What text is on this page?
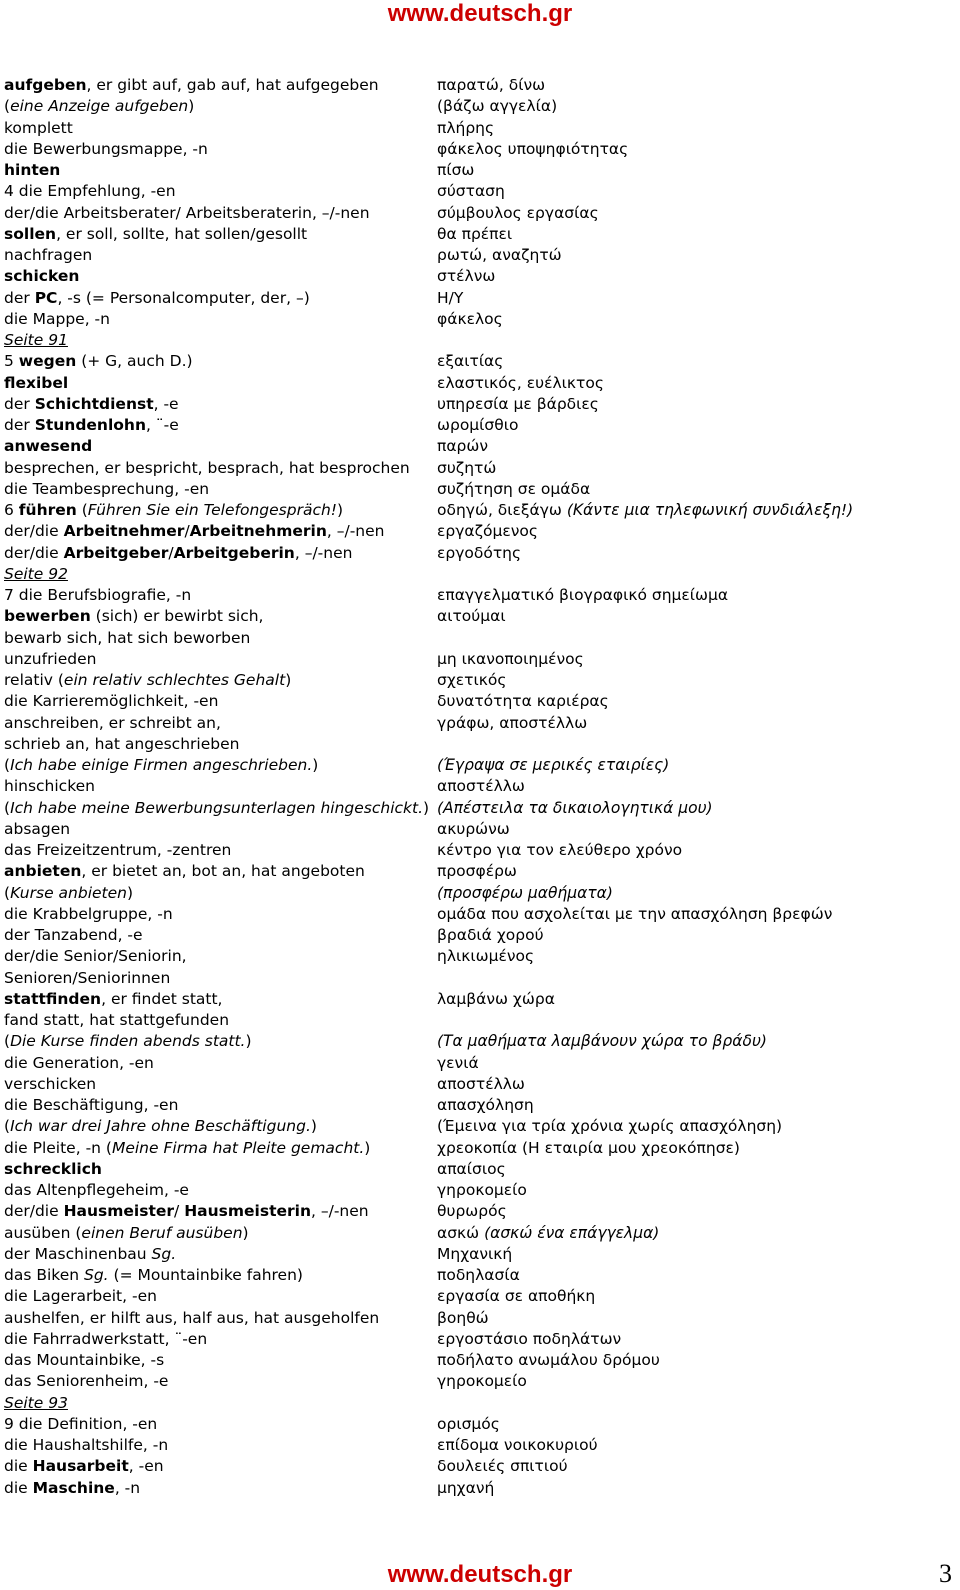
www.deutsch.gr
aufgeben, er gibt auf, gab auf, hat aufgegeben	παρατώ, δίνω
(eine Anzeige aufgeben)	(βάζω αγγελία)
komplett	πλήρης
die Bewerbungsmappe, -n	φάκελος υποψηφιότητας
hinten	πίσω
4 die Empfehlung, -en	σύσταση
der/die Arbeitsberater/ Arbeitsberaterin, –/-nen	σύμβουλος εργασίας
sollen, er soll, sollte, hat sollen/gesollt	θα πρέπει
nachfragen	ρωτώ, αναζητώ
schicken	στέλνω
der PC, -s (= Personalcomputer, der, –)	Η/Υ
die Mappe, -n	φάκελος
Seite 91
5 wegen (+ G, auch D.)	εξαιτίας
flexibel	ελαστικός, ευέλικτος
der Schichtdienst, -e	υπηρεσία με βάρδιες
der Stundenlohn, ¨-e	ωρομίσθιο
anwesend	παρών
besprechen, er bespricht, besprach, hat besprochen	συζητώ
die Teambesprechung, -en	συζήτηση σε ομάδα
6 führen (Führen Sie ein Telefongespräch!)	οδηγώ, διεξάγω (Κάντε μια τηλεφωνική συνδιάλεξη!)
der/die Arbeitnehmer/Arbeitnehmerin, –/-nen	εργαζόμενος
der/die Arbeitgeber/Arbeitgeberin, –/-nen	εργοδότης
Seite 92
7 die Berufsbiografie, -n	επαγγελματικό βιογραφικό σημείωμα
bewerben (sich) er bewirbt sich,	αιτούμαι
bewarb sich, hat sich beworben
unzufrieden	μη ικανοποιημένος
relativ (ein relativ schlechtes Gehalt)	σχετικός
die Karrieremöglichkeit, -en	δυνατότητα καριέρας
anschreiben, er schreibt an,	γράφω, αποστέλλω
schrieb an, hat angeschrieben
(Ich habe einige Firmen angeschrieben.)	(Έγραψα σε μερικές εταιρίες)
hinschicken	αποστέλλω
(Ich habe meine Bewerbungsunterlagen hingeschickt.) (Απέστειλα τα δικαιολογητικά μου)
absagen	ακυρώνω
das Freizeitzentrum, -zentren	κέντρο για τον ελεύθερο χρόνο
anbieten, er bietet an, bot an, hat angeboten	προσφέρω
(Kurse anbieten)	(προσφέρω μαθήματα)
die Krabbelgruppe, -n	ομάδα που ασχολείται με την απασχόληση βρεφών
der Tanzabend, -e	βραδιά χορού
der/die Senior/Seniorin,	ηλικιωμένος
Senioren/Seniorinnen
stattfinden, er findet statt,	λαμβάνω χώρα
fand statt, hat stattgefunden
(Die Kurse finden abends statt.)	(Τα μαθήματα λαμβάνουν χώρα το βράδυ)
die Generation, -en	γενιά
verschicken	αποστέλλω
die Beschäftigung, -en	απασχόληση
(Ich war drei Jahre ohne Beschäftigung.)	(Έμεινα για τρία χρόνια χωρίς απασχόληση)
die Pleite, -n (Meine Firma hat Pleite gemacht.)	χρεοκοπία (Η εταιρία μου χρεοκόπησε)
schrecklich	απαίσιος
das Altenpflegeheim, -e	γηροκομείο
der/die Hausmeister/ Hausmeisterin, –/-nen	θυρωρός
ausüben (einen Beruf ausüben)	ασκώ (ασκώ ένα επάγγελμα)
der Maschinenbau Sg.	Μηχανική
das Biken Sg. (= Mountainbike fahren)	ποδηλασία
die Lagerarbeit, -en	εργασία σε αποθήκη
aushelfen, er hilft aus, half aus, hat ausgeholfen	βοηθώ
die Fahrradwerkstatt, ¨-en	εργοστάσιο ποδηλάτων
das Mountainbike, -s	ποδήλατο ανωμάλου δρόμου
das Seniorenheim, -e	γηροκομείο
Seite 93
9 die Definition, -en	ορισμός
die Haushaltshilfe, -n	επίδομα νοικοκυριού
die Hausarbeit, -en	δουλειές σπιτιού
die Maschine, -n	μηχανή
www.deutsch.gr	3
